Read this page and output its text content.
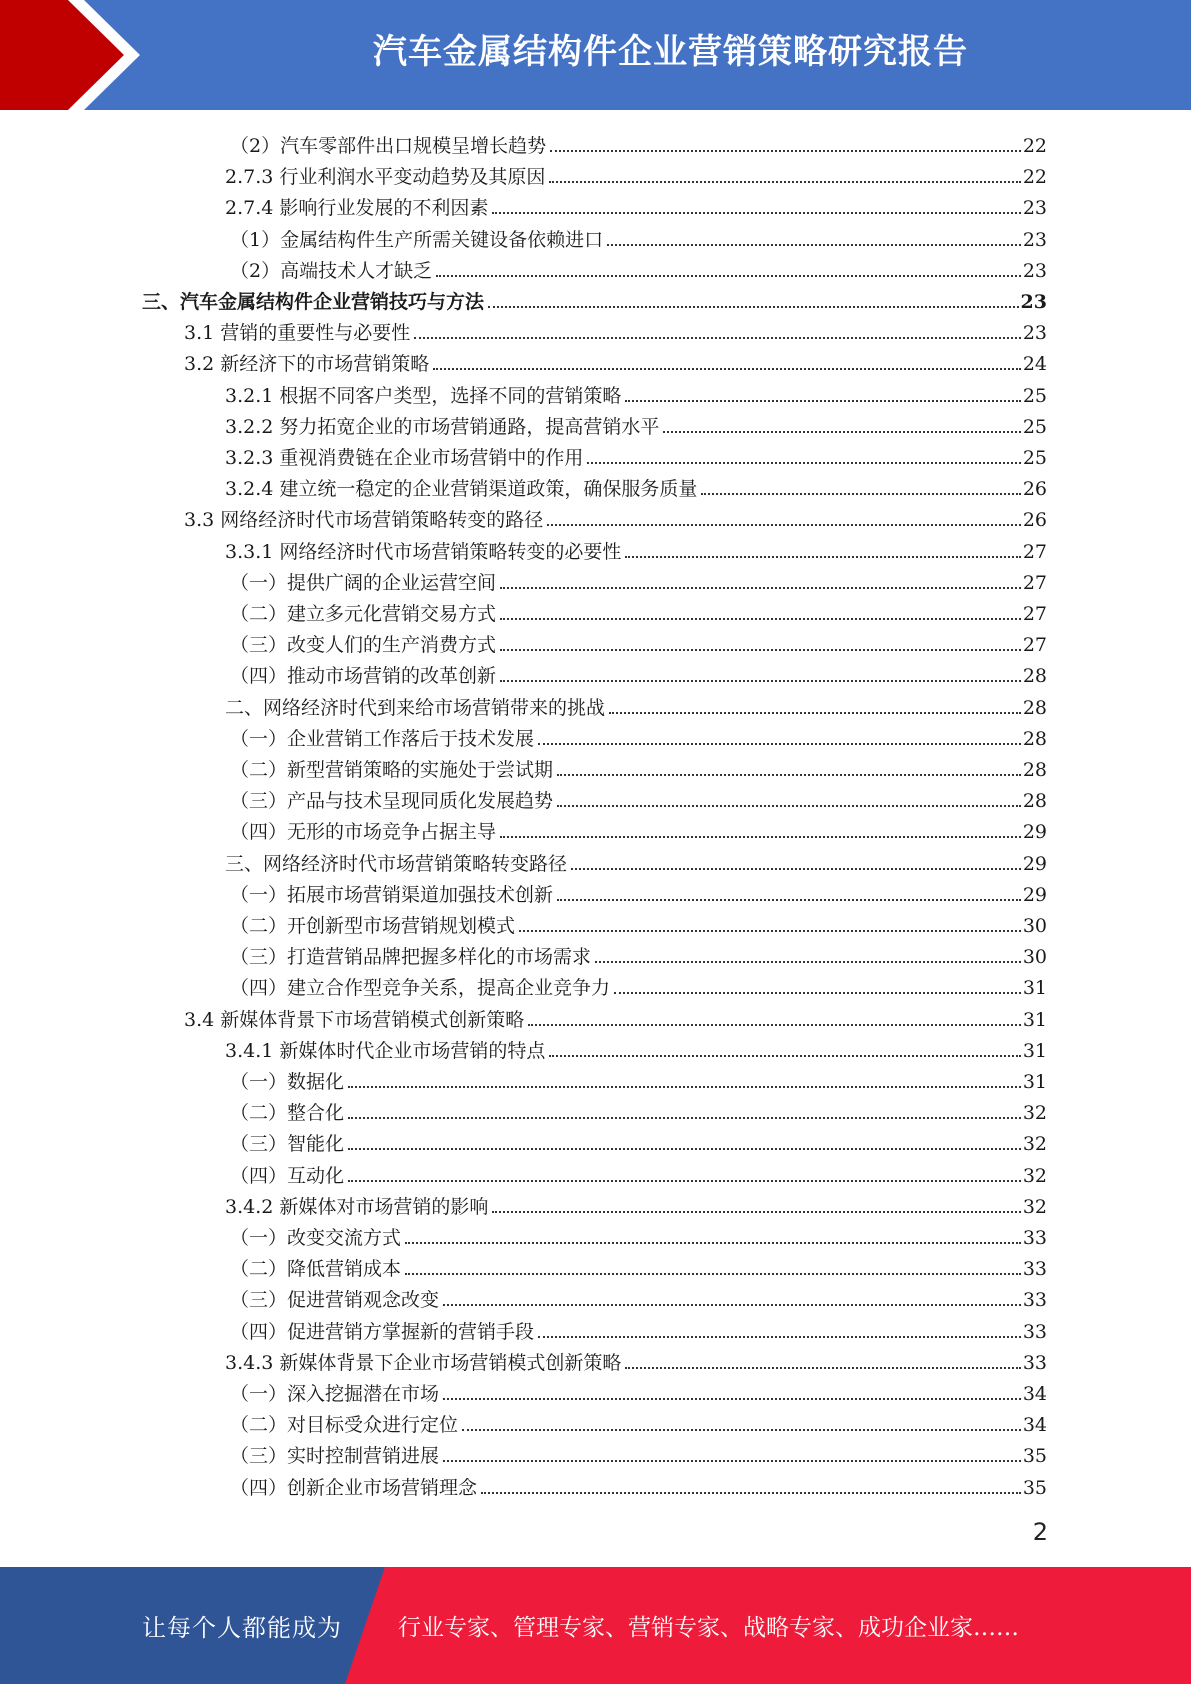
汽车金属结构件企业营销策略研究报告
（2）汽车零部件出口规模呈增长趋势	22
2.7.3 行业利润水平变动趋势及其原因	22
2.7.4 影响行业发展的不利因素	23
（1）金属结构件生产所需关键设备依赖进口	23
（2）高端技术人才缺乏	23
三、汽车金属结构件企业营销技巧与方法	23
3.1 营销的重要性与必要性	23
3.2 新经济下的市场营销策略	24
3.2.1 根据不同客户类型，选择不同的营销策略	25
3.2.2 努力拓宽企业的市场营销通路，提高营销水平	25
3.2.3 重视消费链在企业市场营销中的作用	25
3.2.4 建立统一稳定的企业营销渠道政策，确保服务质量	26
3.3 网络经济时代市场营销策略转变的路径	26
3.3.1 网络经济时代市场营销策略转变的必要性	27
（一）提供广阔的企业运营空间	27
（二）建立多元化营销交易方式	27
（三）改变人们的生产消费方式	27
（四）推动市场营销的改革创新	28
二、网络经济时代到来给市场营销带来的挑战	28
（一）企业营销工作落后于技术发展	28
（二）新型营销策略的实施处于尝试期	28
（三）产品与技术呈现同质化发展趋势	28
（四）无形的市场竞争占据主导	29
三、网络经济时代市场营销策略转变路径	29
（一）拓展市场营销渠道加强技术创新	29
（二）开创新型市场营销规划模式	30
（三）打造营销品牌把握多样化的市场需求	30
（四）建立合作型竞争关系，提高企业竞争力	31
3.4 新媒体背景下市场营销模式创新策略	31
3.4.1 新媒体时代企业市场营销的特点	31
（一）数据化	31
（二）整合化	32
（三）智能化	32
（四）互动化	32
3.4.2 新媒体对市场营销的影响	32
（一）改变交流方式	33
（二）降低营销成本	33
（三）促进营销观念改变	33
（四）促进营销方掌握新的营销手段	33
3.4.3 新媒体背景下企业市场营销模式创新策略	33
（一）深入挖掘潜在市场	34
（二）对目标受众进行定位	34
（三）实时控制营销进展	35
（四）创新企业市场营销理念	35
2
让每个人都能成为 行业专家、管理专家、营销专家、战略专家、成功企业家……
